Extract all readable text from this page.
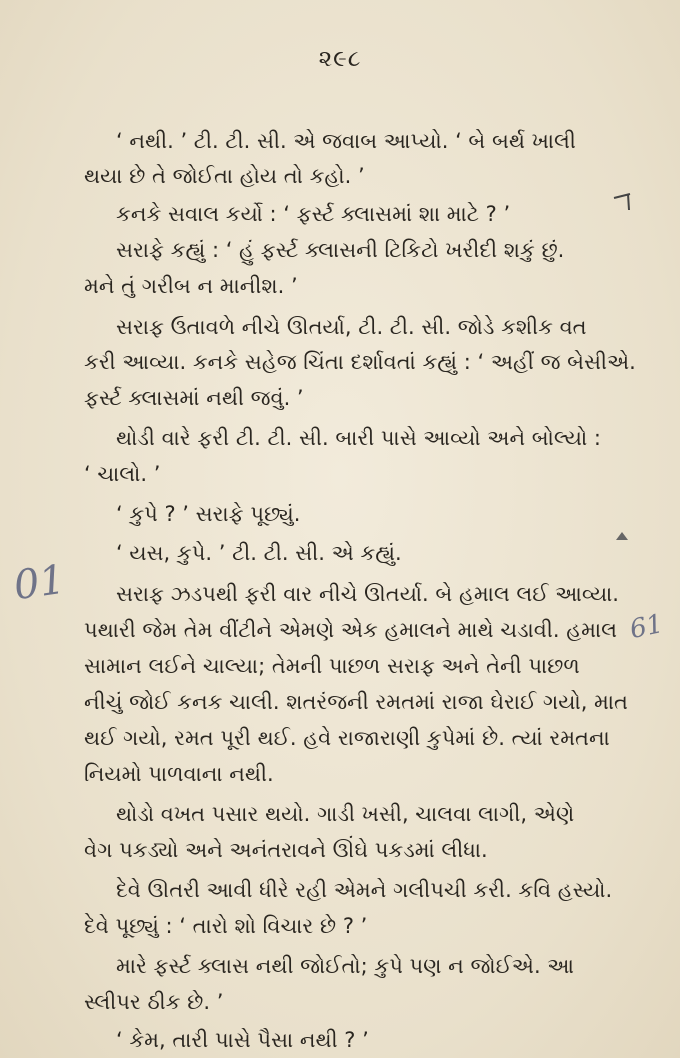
૨૯૮
‘ નથી. ’ ટી. ટી. સી. એ જવાબ આપ્યો. ‘ બે બર્થ ખાલી
થયા છે તે જોઈતા હોય તો કહો. ’
કનકે સવાલ કર્યો : ‘ ફર્સ્ટ ક્લાસમાં શા માટે ? ’
સરાફે કહ્યું : ‘ હું ફર્સ્ટ ક્લાસની ટિકિટો ખરીદી શકું છું.
મને તું ગરીબ ન માનીશ. ’
સરાફ ઉતાવળે નીચે ઊતર્યા, ટી. ટી. સી. જોડે કશીક વત
કરી આવ્યા. કનકે સહેજ ચિંતા દર્શાવતાં કહ્યું : ‘ અહીં જ બેસીએ.
ફર્સ્ટ ક્લાસમાં નથી જવું. ’
થોડી વારે ફરી ટી. ટી. સી. બારી પાસે આવ્યો અને બોલ્યો :
‘ ચાલો. ’
‘ કુપે ? ’ સરાફે પૂછ્યું.
‘ યસ, કુપે. ’ ટી. ટી. સી. એ કહ્યું.
સરાફ ઝડપથી ફરી વાર નીચે ઊતર્યા. બે હમાલ લઈ આવ્યા.
પથારી જેમ તેમ વીંટીને એમણે એક હમાલને માથે ચડાવી. હમાલ
સામાન લઈને ચાલ્યા; તેમની પાછળ સરાફ અને તેની પાછળ
નીચું જોઈ કનક ચાલી. શતરંજની રમતમાં રાજા ઘેરાઈ ગયો, માત
થઈ ગયો, રમત પૂરી થઈ. હવે રાજારાણી કુપેમાં છે. ત્યાં રમતના
નિયમો પાળવાના નથી.
થોડો વખત પસાર થયો. ગાડી ખસી, ચાલવા લાગી, એણે
વેગ પકડ્યો અને અનંતરાવને ઊંઘે પકડમાં લીધા.
દેવે ઊતરી આવી ધીરે રહી એમને ગલીપચી કરી. કવિ હસ્યો.
દેવે પૂછ્યું : ‘ તારો શો વિચાર છે ? ’
મારે ફર્સ્ટ ક્લાસ નથી જોઈતો; કુપે પણ ન જોઈએ. આ
સ્લીપર ઠીક છે. ’
‘ કેમ, તારી પાસે પૈસા નથી ? ’
01
61
